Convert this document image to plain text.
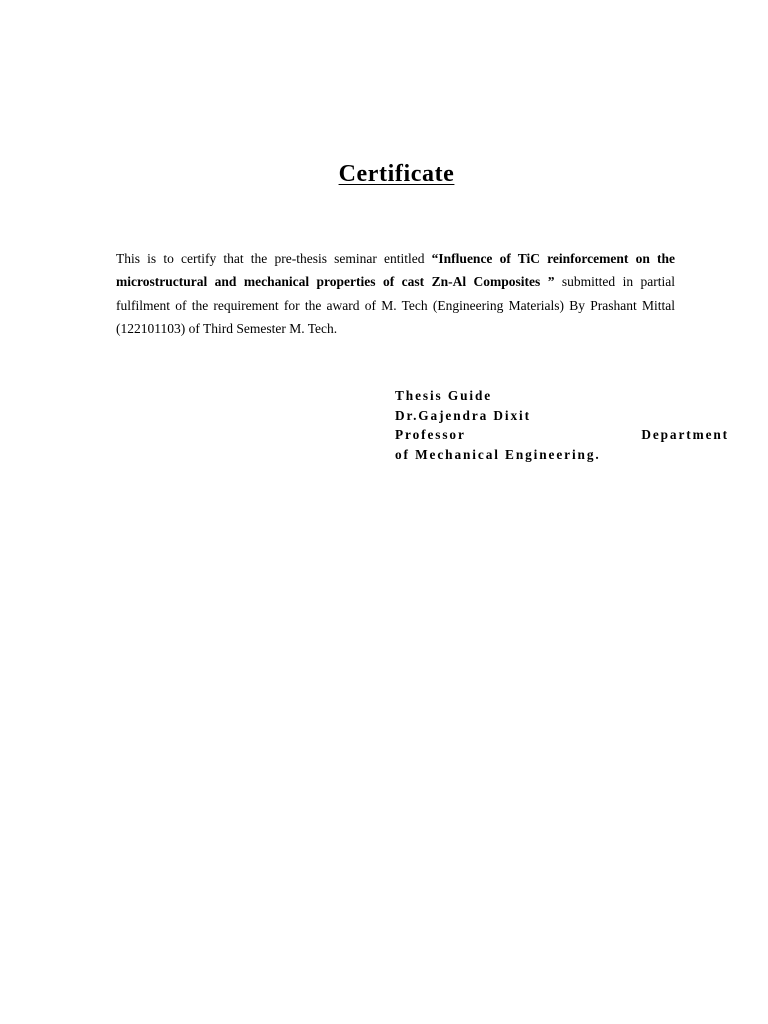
Certificate

This is to certify that the pre-thesis seminar entitled “Influence of TiC reinforcement on the microstructural and mechanical properties of cast Zn-Al Composites ” submitted in partial fulfilment of the requirement for the award of M. Tech (Engineering Materials) By Prashant Mittal (122101103) of Third Semester M. Tech.

Thesis Guide
Dr.Gajendra Dixit
Professor	Department
of Mechanical Engineering.
